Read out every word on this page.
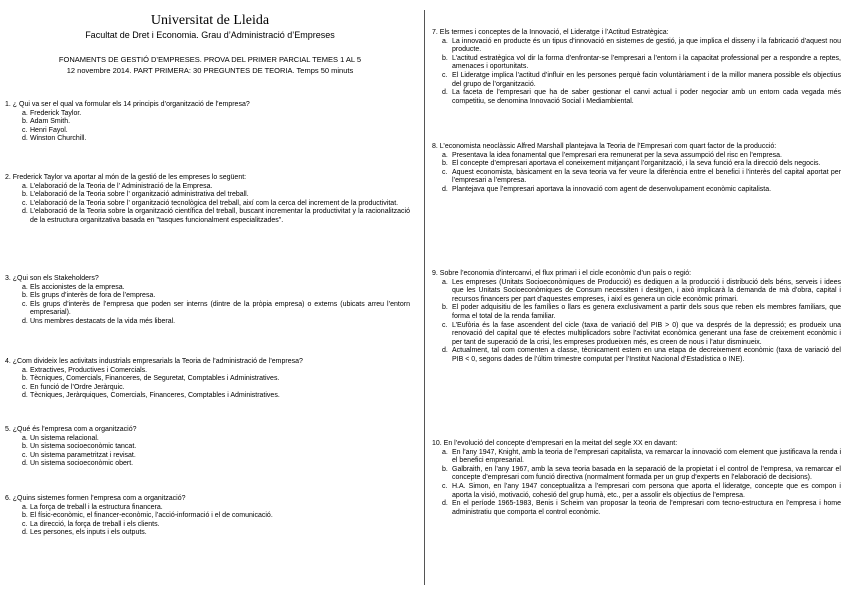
Universitat de Lleida
Facultat de Dret i Economia. Grau d’Administració d’Empreses
FONAMENTS DE GESTIÓ D’EMPRESES. PROVA DEL PRIMER PARCIAL TEMES 1 AL 5
12 novembre 2014. PART PRIMERA: 30 PREGUNTES DE TEORIA. Temps 50 minuts

1. ¿ Qui va ser el qual va formular els 14 principis d’organització de l’empresa?

a. Frederick Taylor.
b. Adam Smith.
c. Henri Fayol.
d. Winston Churchill.

2. Frederick Taylor va aportar al món de la gestió de les empreses lo següent:

a. L’elaboració de la Teoria de l’ Administració de la Empresa.
b. L’elaboració de la Teoria sobre l’ organització administrativa del treball.
c. L’elaboració de la Teoria sobre l’ organització tecnològica del treball, així com la cerca del increment de la productivitat.
d. L’elaboració de la Teoria sobre la organització científica del treball, buscant incrementar la productivitat y la racionalització de la estructura organitzativa basada en "tasques funcionalment especialitzades".

3. ¿Qui son els Stakeholders?

a. Els accionistes de la empresa.
b. Els grups d’interès de fora de l’empresa.
c. Els grups d’interès de l’empresa que poden ser interns (dintre de la pròpia empresa) o externs (ubicats arreu l’entorn empresarial).
d. Uns membres destacats de la vida més liberal.

4. ¿Com divideix les activitats industrials empresarials la Teoria de l’administració de l’empresa?

a. Extractives, Productives i Comercials.
b. Tècniques, Comercials, Financeres, de Seguretat, Comptables i Administratives.
c. En funció de l’Ordre Jeràrquic.
d. Tècniques, Jeràrquiques, Comercials, Financeres, Comptables i Administratives.

5. ¿Qué és l’empresa com a organització?

a. Un sistema relacional.
b. Un sistema socioeconòmic tancat.
c. Un sistema parametritzat i revisat.
d. Un sistema socioeconòmic obert.

6. ¿Quins sistemes formen l’empresa com a organització?

a. La força de treball i la estructura financera.
b. El físic-econòmic, el financer-econòmic, l’acció-informació i el de comunicació.
c. La direcció, la força de treball i els clients.
d. Les persones, els inputs i els outputs.

7. Els termes i conceptes de la Innovació, el Lideratge i l’Actitud Estratègica:

a. La innovació en producte és un tipus d’innovació en sistemes de gestió, ja que implica el disseny i la fabricació d’aquest nou producte.
b. L’actitud estratègica vol dir la forma d’enfrontar-se l’empresari a l’entorn i la capacitat professional per a respondre a reptes, amenaces i oportunitats.
c. El Lideratge implica l’actitud d’influir en les persones perquè facin voluntàriament i de la millor manera possible els objectius del grupo de l’organització.
d. La faceta de l’empresari que ha de saber gestionar el canvi actual i poder negociar amb un entorn cada vegada més competitiu, se denomina Innovació Social i Mediambiental.

8. L’economista neoclàssic Alfred Marshall plantejava la Teoria de l’Empresari com quart factor de la producció:

a. Presentava la idea fonamental que l’empresari era remunerat per la seva assumpció del risc en l’empresa.
b. El concepte d’empresari aportava el coneixement mitjançant l’organització, i la seva funció era la direcció dels negocis.
c. Aquest economista, bàsicament en la seva teoria va fer veure la diferència entre el benefici i l’interès del capital aportat per l’empresari a l’empresa.
d. Plantejava que l’empresari aportava la innovació com agent de desenvolupament econòmic capitalista.

9. Sobre l’economia d’intercanvi, el flux primari i el cicle econòmic d’un país o regió:

a. Les empreses (Unitats Socioeconòmiques de Producció) es dediquen a la producció i distribució dels béns, serveis i idees que les Unitats Socioeconòmiques de Consum necessiten i desitgen, i això implicarà la demanda de mà d’obra, capital i recursos financers per part d’aquestes empreses, i així es genera un cicle econòmic primari.
b. El poder adquisitiu de les famílies o llars es genera exclusivament a partir dels sous que reben els membres familiars, que forma el total de la renda familiar.
c. L’Eufòria és la fase ascendent del cicle (taxa de variació del PIB > 0) que va després de la depressió; es produeix una renovació del capital que té efectes multiplicadors sobre l’activitat econòmica generant una fase de creixement econòmic i per tant de superació de la crisi, les empreses produeixen més, es creen de nous i l’atur disminueix.
d. Actualment, tal com comenten a classe, tècnicament estem en una etapa de decreixement econòmic (taxa de variació del PIB < 0, segons dades de l’últim trimestre computat per l’Institut Nacional d’Estadística o INE).

10. En l’evolució del concepte d’empresari en la meitat del segle XX en davant:

a. En l’any 1947, Knight, amb la teoria de l’empresari capitalista, va remarcar la innovació com element que justificava la renda i el benefici empresarial.
b. Galbraith, en l’any 1967, amb la seva teoria basada en la separació de la propietat i el control de l’empresa, va remarcar el concepte d’empresari com funció directiva (normalment formada per un grup d’experts en l’elaboració de decisions).
c. H.A. Simon, en l’any 1947 conceptualitza a l’empresari com persona que aporta el lideratge, concepte que es compon i aporta la visió, motivació, cohesió del grup humà, etc., per a assolir els objectius de l’empresa.
d. En el període 1965-1983, Benis i Scheim van proposar la teoria de l’empresari com tecno-estructura en l’empresa i home administratiu que comporta el control econòmic.
